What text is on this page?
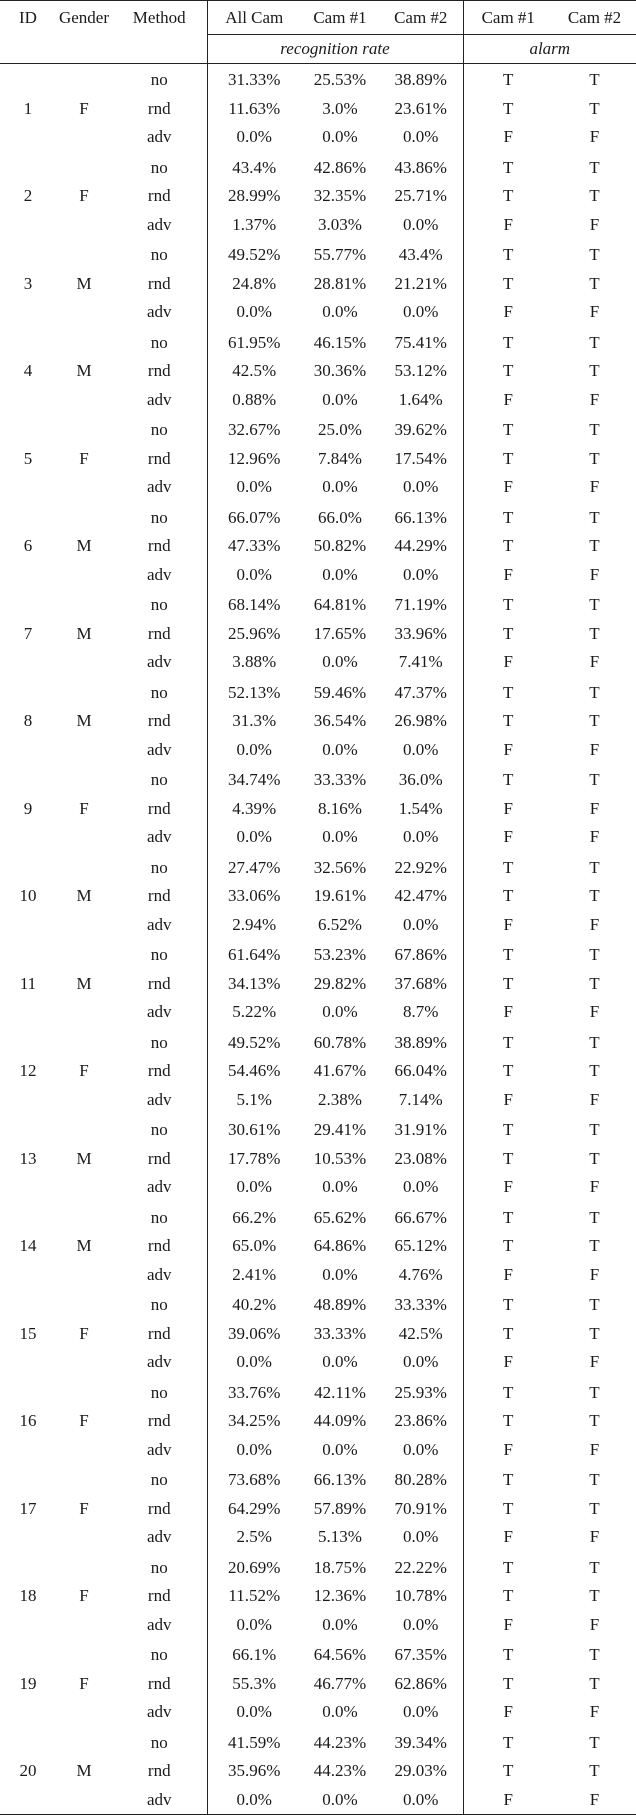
ID	Gender	Method	All Cam	Cam #1	Cam #2	Cam #1	Cam #2
			recognition rate			alarm	
1	F	no	31.33%	25.53%	38.89%	T	T
		rnd	11.63%	3.0%	23.61%	T	T
		adv	0.0%	0.0%	0.0%	F	F
2	F	no	43.4%	42.86%	43.86%	T	T
		rnd	28.99%	32.35%	25.71%	T	T
		adv	1.37%	3.03%	0.0%	F	F
3	M	no	49.52%	55.77%	43.4%	T	T
		rnd	24.8%	28.81%	21.21%	T	T
		adv	0.0%	0.0%	0.0%	F	F
4	M	no	61.95%	46.15%	75.41%	T	T
		rnd	42.5%	30.36%	53.12%	T	T
		adv	0.88%	0.0%	1.64%	F	F
5	F	no	32.67%	25.0%	39.62%	T	T
		rnd	12.96%	7.84%	17.54%	T	T
		adv	0.0%	0.0%	0.0%	F	F
6	M	no	66.07%	66.0%	66.13%	T	T
		rnd	47.33%	50.82%	44.29%	T	T
		adv	0.0%	0.0%	0.0%	F	F
7	M	no	68.14%	64.81%	71.19%	T	T
		rnd	25.96%	17.65%	33.96%	T	T
		adv	3.88%	0.0%	7.41%	F	F
8	M	no	52.13%	59.46%	47.37%	T	T
		rnd	31.3%	36.54%	26.98%	T	T
		adv	0.0%	0.0%	0.0%	F	F
9	F	no	34.74%	33.33%	36.0%	T	T
		rnd	4.39%	8.16%	1.54%	F	F
		adv	0.0%	0.0%	0.0%	F	F
10	M	no	27.47%	32.56%	22.92%	T	T
		rnd	33.06%	19.61%	42.47%	T	T
		adv	2.94%	6.52%	0.0%	F	F
11	M	no	61.64%	53.23%	67.86%	T	T
		rnd	34.13%	29.82%	37.68%	T	T
		adv	5.22%	0.0%	8.7%	F	F
12	F	no	49.52%	60.78%	38.89%	T	T
		rnd	54.46%	41.67%	66.04%	T	T
		adv	5.1%	2.38%	7.14%	F	F
13	M	no	30.61%	29.41%	31.91%	T	T
		rnd	17.78%	10.53%	23.08%	T	T
		adv	0.0%	0.0%	0.0%	F	F
14	M	no	66.2%	65.62%	66.67%	T	T
		rnd	65.0%	64.86%	65.12%	T	T
		adv	2.41%	0.0%	4.76%	F	F
15	F	no	40.2%	48.89%	33.33%	T	T
		rnd	39.06%	33.33%	42.5%	T	T
		adv	0.0%	0.0%	0.0%	F	F
16	F	no	33.76%	42.11%	25.93%	T	T
		rnd	34.25%	44.09%	23.86%	T	T
		adv	0.0%	0.0%	0.0%	F	F
17	F	no	73.68%	66.13%	80.28%	T	T
		rnd	64.29%	57.89%	70.91%	T	T
		adv	2.5%	5.13%	0.0%	F	F
18	F	no	20.69%	18.75%	22.22%	T	T
		rnd	11.52%	12.36%	10.78%	T	T
		adv	0.0%	0.0%	0.0%	F	F
19	F	no	66.1%	64.56%	67.35%	T	T
		rnd	55.3%	46.77%	62.86%	T	T
		adv	0.0%	0.0%	0.0%	F	F
20	M	no	41.59%	44.23%	39.34%	T	T
		rnd	35.96%	44.23%	29.03%	T	T
		adv	0.0%	0.0%	0.0%	F	F
